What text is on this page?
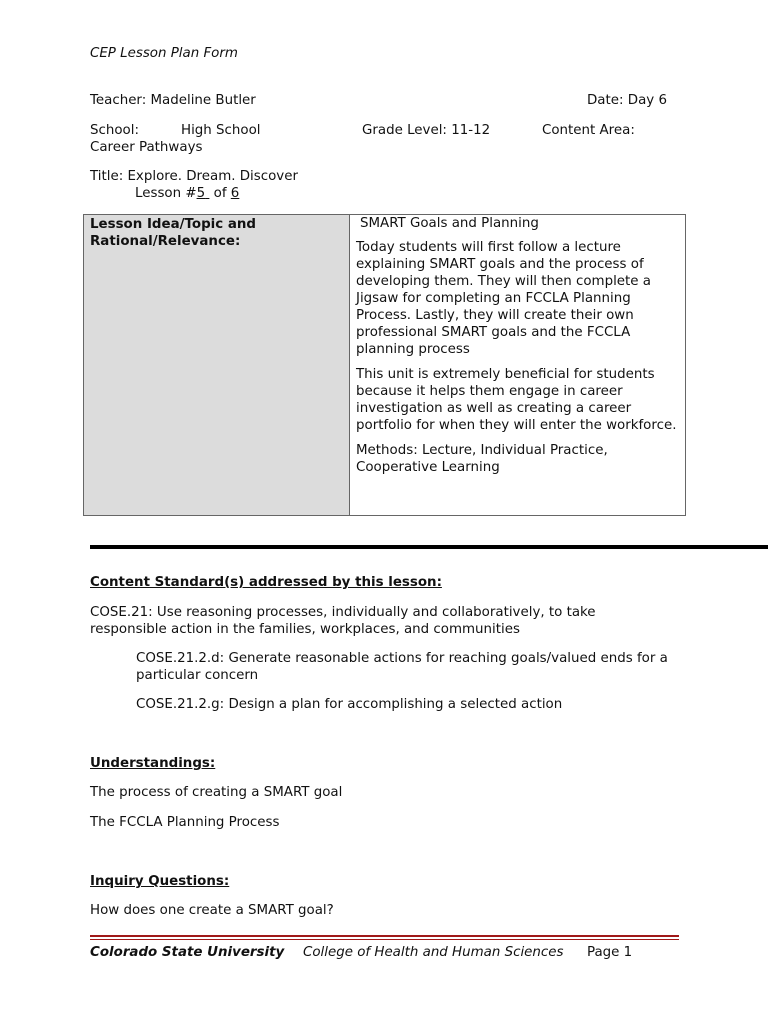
CEP Lesson Plan Form
Teacher: Madeline Butler	Date: Day 6
School:	High School	Grade Level: 11-12	Content Area:
Career Pathways
Title: Explore. Dream. Discover
Lesson #5  of 6
Lesson Idea/Topic and Rational/Relevance:

SMART Goals and Planning

Today students will first follow a lecture explaining SMART goals and the process of developing them. They will then complete a Jigsaw for completing an FCCLA Planning Process. Lastly, they will create their own professional SMART goals and the FCCLA planning process

This unit is extremely beneficial for students because it helps them engage in career investigation as well as creating a career portfolio for when they will enter the workforce.

Methods: Lecture, Individual Practice, Cooperative Learning

Content Standard(s) addressed by this lesson:
COSE.21: Use reasoning processes, individually and collaboratively, to take responsible action in the families, workplaces, and communities
COSE.21.2.d: Generate reasonable actions for reaching goals/valued ends for a particular concern
COSE.21.2.g: Design a plan for accomplishing a selected action
Understandings:
The process of creating a SMART goal
The FCCLA Planning Process
Inquiry Questions:
How does one create a SMART goal?
Colorado State University College of Health and Human Sciences Page 1
